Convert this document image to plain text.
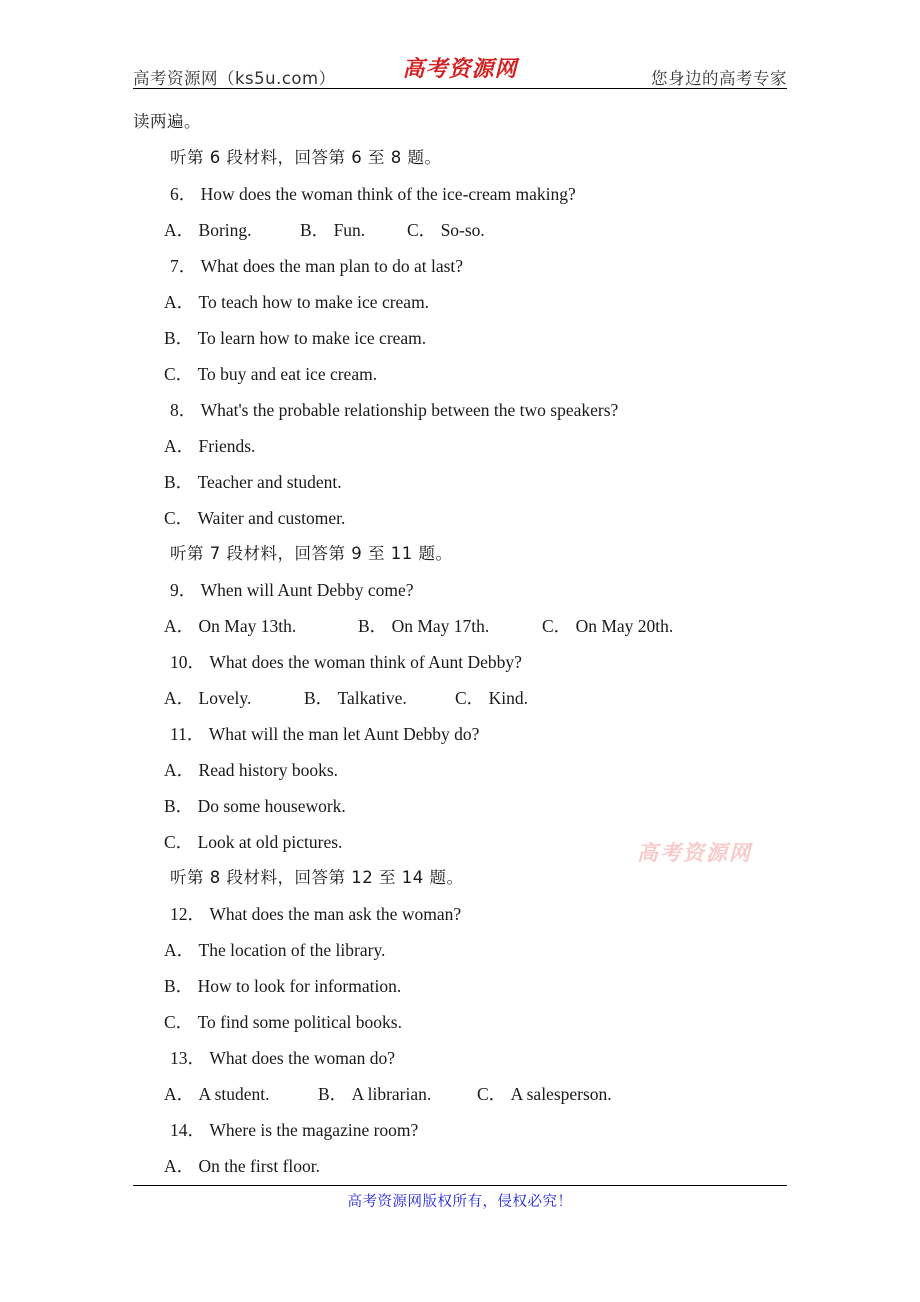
高考资源网（ks5u.com）	高考资源网	您身边的高考专家
读两遍。
听第 6 段材料，回答第 6 至 8 题。
6． How does the woman think of the ice-cream making?
A． Boring.	B． Fun. C． So-so.
7． What does the man plan to do at last?
A． To teach how to make ice cream.
B． To learn how to make ice cream.
C． To buy and eat ice cream.
8． What's the probable relationship between the two speakers?
A． Friends.
B． Teacher and student.
C． Waiter and customer.
听第 7 段材料，回答第 9 至 11 题。
9． When will Aunt Debby come?
A． On May 13th.	B． On May 17th.	C． On May 20th.
10． What does the woman think of Aunt Debby?
A． Lovely.	B． Talkative.	C． Kind.
11． What will the man let Aunt Debby do?
A． Read history books.
B． Do some housework.
C． Look at old pictures.
听第 8 段材料，回答第 12 至 14 题。
12． What does the man ask the woman?
A． The location of the library.
B． How to look for information.
C． To find some political books.
13． What does the woman do?
A． A student.	B． A librarian.	C． A salesperson.
14． Where is the magazine room?
A． On the first floor.
高考资源网
高考资源网版权所有，侵权必究！
